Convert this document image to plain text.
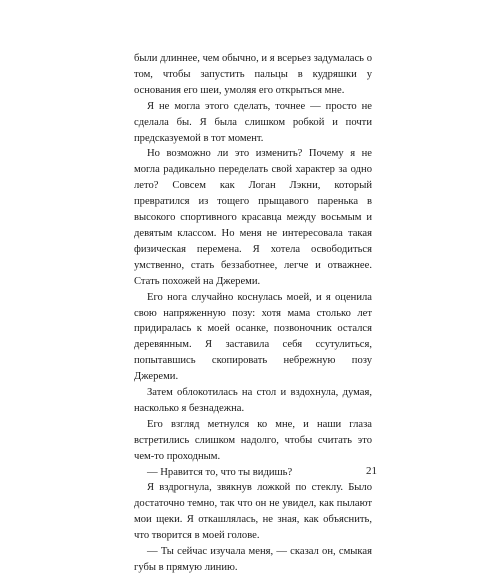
были длиннее, чем обычно, и я всерьез задумалась о том, чтобы запустить пальцы в кудряшки у основания его шеи, умоляя его открыться мне.

Я не могла этого сделать, точнее — просто не сделала бы. Я была слишком робкой и почти предсказуемой в тот момент.

Но возможно ли это изменить? Почему я не могла радикально переделать свой характер за одно лето? Совсем как Логан Лэкни, который превратился из тощего прыщавого паренька в высокого спортивного красавца между восьмым и девятым классом. Но меня не интересовала такая физическая перемена. Я хотела освободиться умственно, стать беззаботнее, легче и отважнее. Стать похожей на Джереми.

Его нога случайно коснулась моей, и я оценила свою напряженную позу: хотя мама столько лет придиралась к моей осанке, позвоночник остался деревянным. Я заставила себя ссутулиться, попытавшись скопировать небрежную позу Джереми.

Затем облокотилась на стол и вздохнула, думая, насколько я безнадежна.

Его взгляд метнулся ко мне, и наши глаза встретились слишком надолго, чтобы считать это чем-то проходным.

— Нравится то, что ты видишь?

Я вздрогнула, звякнув ложкой по стеклу. Было достаточно темно, так что он не увидел, как пылают мои щеки. Я откашлялась, не зная, как объяснить, что творится в моей голове.

— Ты сейчас изучала меня, — сказал он, смыкая губы в прямую линию.

21
